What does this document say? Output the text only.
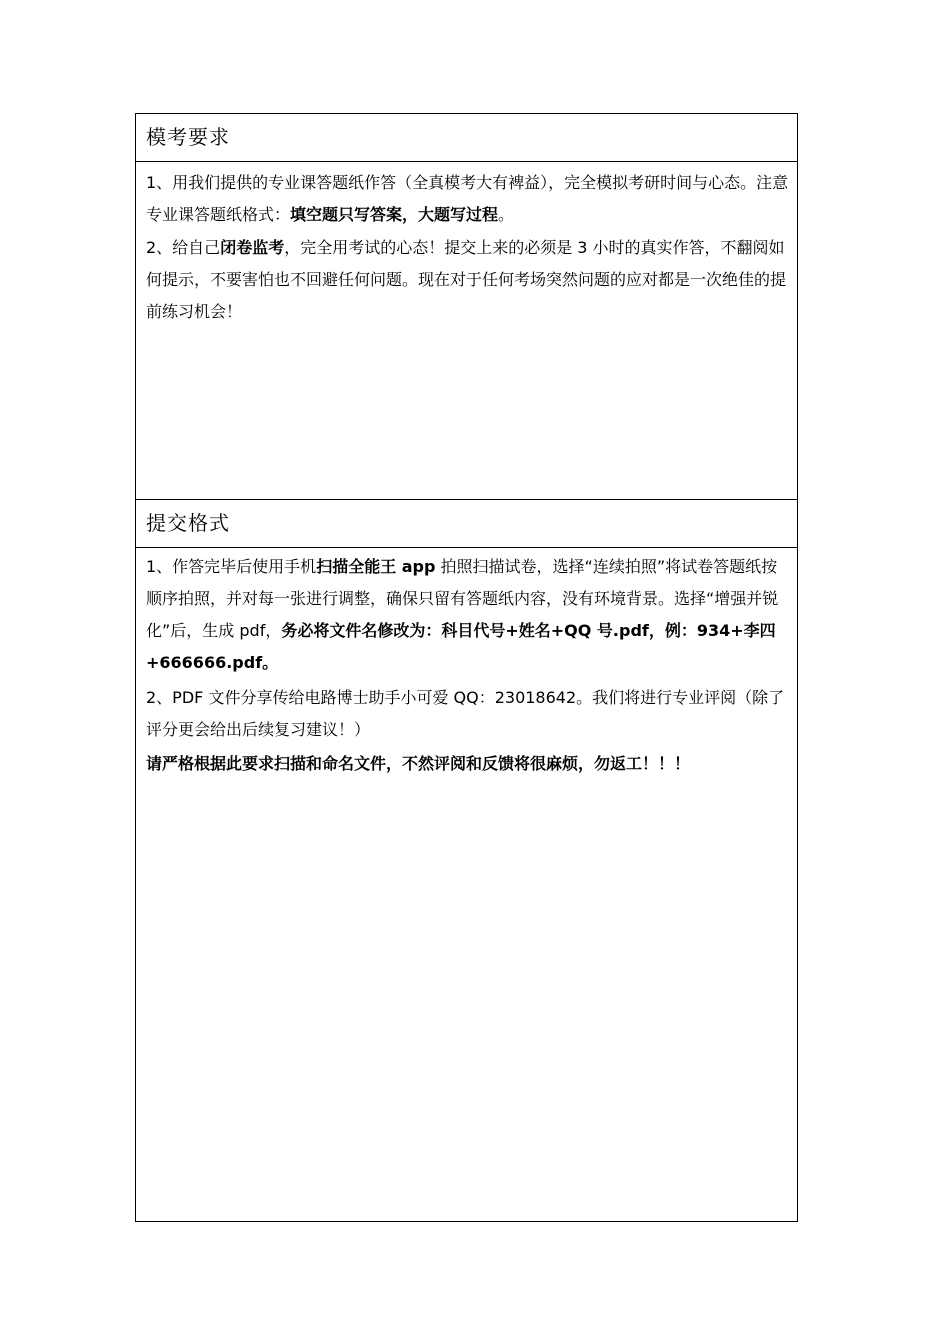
模考要求

1、用我们提供的专业课答题纸作答（全真模考大有裨益），完全模拟考研时间与心态。注意专业课答题纸格式：填空题只写答案，大题写过程。

2、给自己闭卷监考，完全用考试的心态！提交上来的必须是 3 小时的真实作答，不翻阅如何提示，不要害怕也不回避任何问题。现在对于任何考场突然问题的应对都是一次绝佳的提前练习机会！

提交格式

1、作答完毕后使用手机扫描全能王 app 拍照扫描试卷，选择“连续拍照”将试卷答题纸按顺序拍照，并对每一张进行调整，确保只留有答题纸内容，没有环境背景。选择“增强并锐化”后，生成 pdf，务必将文件名修改为：科目代号+姓名+QQ 号.pdf，例：934+李四+666666.pdf。

2、PDF 文件分享传给电路博士助手小可爱 QQ：23018642。我们将进行专业评阅（除了评分更会给出后续复习建议！）

请严格根据此要求扫描和命名文件，不然评阅和反馈将很麻烦，勿返工！！！
